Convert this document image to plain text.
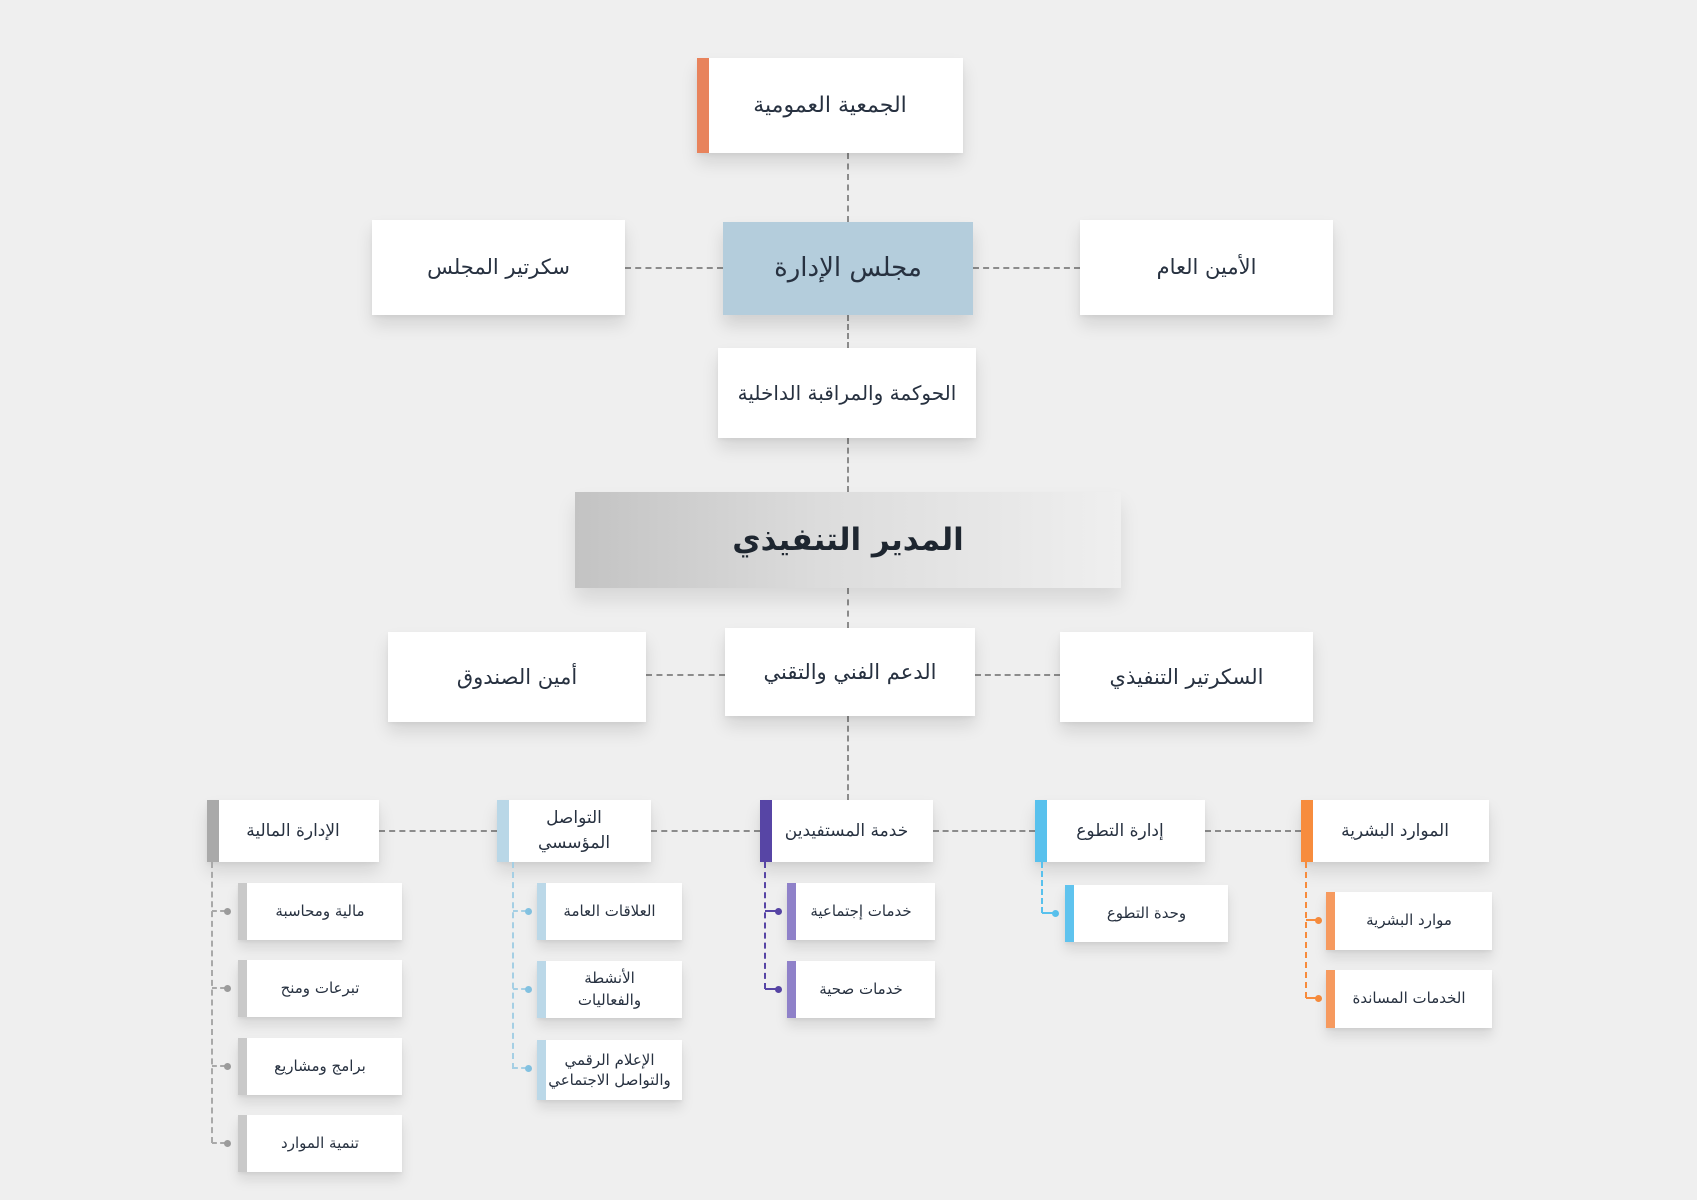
الجمعية العمومية
سكرتير المجلس	مجلس الإدارة	الأمين العام
الحوكمة والمراقبة الداخلية
المدير التنفيذي
أمين الصندوق	الدعم الفني والتقني	السكرتير التنفيذي
الإدارة المالية
التواصل المؤسسي
خدمة المستفيدين	إدارة التطوع	الموارد البشرية
مالية ومحاسبة
تبرعات ومنح
برامج ومشاريع
تنمية الموارد
العلاقات العامة
الأنشطة والفعاليات
الإعلام الرقمي والتواصل الاجتماعي
خدمات إجتماعية
خدمات صحية
وحدة التطوع	موارد البشرية
الخدمات المساندة
